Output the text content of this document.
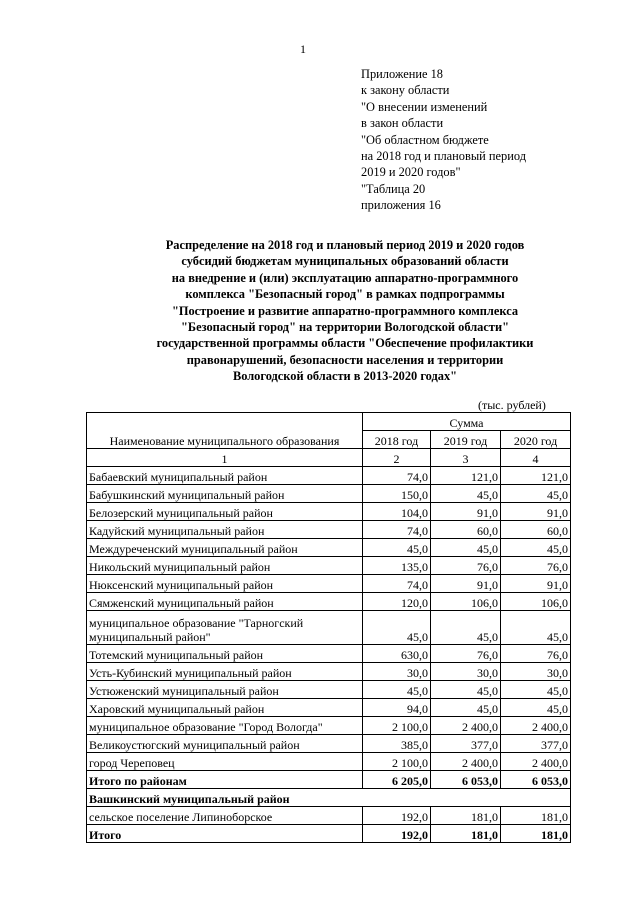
1
Приложение 18
к закону области
"О внесении изменений
в закон области
"Об областном бюджете
на 2018 год и плановый период
2019 и 2020 годов"
"Таблица 20
приложения 16
Распределение на 2018 год и плановый период 2019 и 2020 годов
субсидий бюджетам муниципальных образований области
на внедрение и (или) эксплуатацию аппаратно-программного
комплекса "Безопасный город" в рамках подпрограммы
"Построение и развитие аппаратно-программного комплекса
"Безопасный город" на территории Вологодской области"
государственной программы области "Обеспечение профилактики
правонарушений, безопасности населения и территории
Вологодской области в 2013-2020 годах"
(тыс. рублей)
Наименование муниципального образования	Сумма		
	2018 год	2019 год	2020 год
1	2	3	4
Бабаевский муниципальный район	74,0	121,0	121,0
Бабушкинский муниципальный район	150,0	45,0	45,0
Белозерский муниципальный район	104,0	91,0	91,0
Кадуйский муниципальный район	74,0	60,0	60,0
Междуреченский муниципальный район	45,0	45,0	45,0
Никольский муниципальный район	135,0	76,0	76,0
Нюксенский муниципальный район	74,0	91,0	91,0
Сямженский муниципальный район	120,0	106,0	106,0
муниципальное образование "Тарногский
муниципальный район"	45,0	45,0	45,0
Тотемский муниципальный район	630,0	76,0	76,0
Усть-Кубинский муниципальный район	30,0	30,0	30,0
Устюженский муниципальный район	45,0	45,0	45,0
Харовский муниципальный район	94,0	45,0	45,0
муниципальное образование "Город Вологда"	2 100,0	2 400,0	2 400,0
Великоустюгский муниципальный район	385,0	377,0	377,0
город Череповец	2 100,0	2 400,0	2 400,0
Итого по районам	6 205,0	6 053,0	6 053,0
Вашкинский муниципальный район			
сельское поселение Липиноборское	192,0	181,0	181,0
Итого	192,0	181,0	181,0
